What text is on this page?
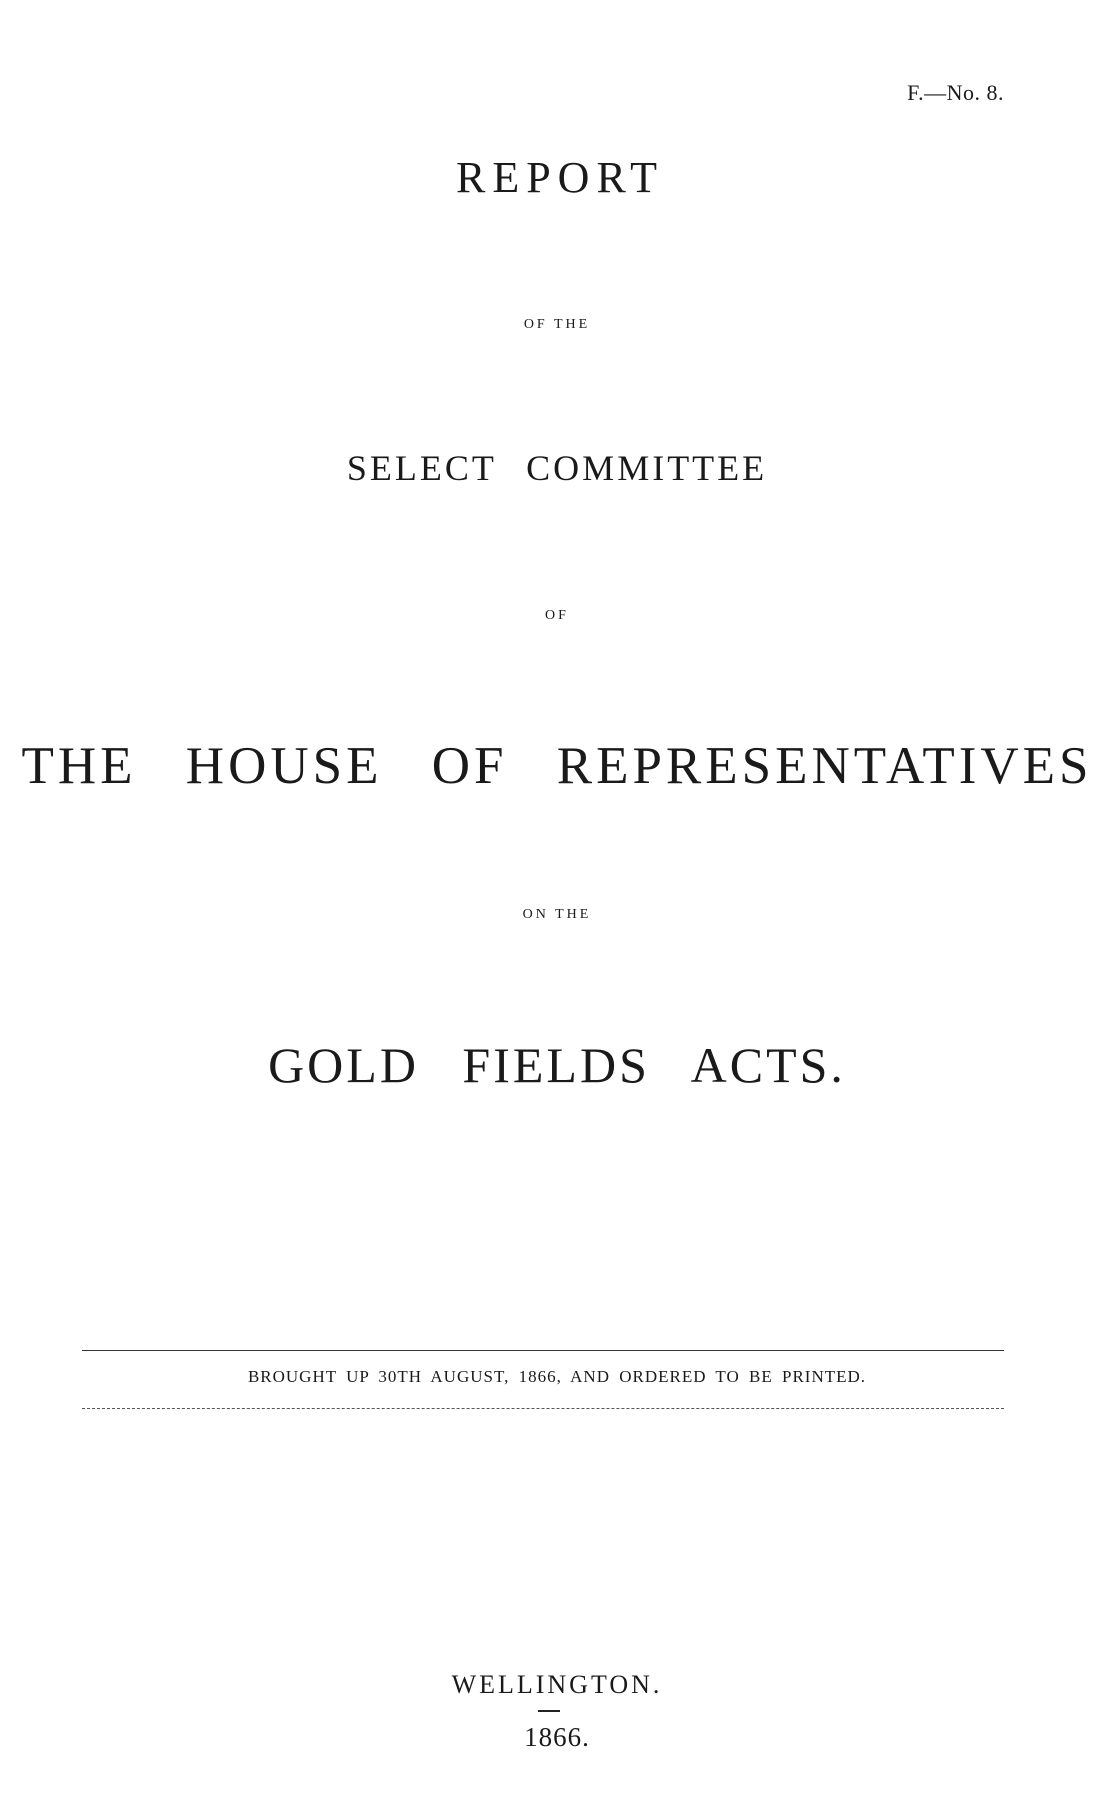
F.—No. 8.
REPORT
OF THE
SELECT COMMITTEE
OF
THE HOUSE OF REPRESENTATIVES
ON THE
GOLD FIELDS ACTS.
BROUGHT UP 30TH AUGUST, 1866, AND ORDERED TO BE PRINTED.
WELLINGTON.
1866.
